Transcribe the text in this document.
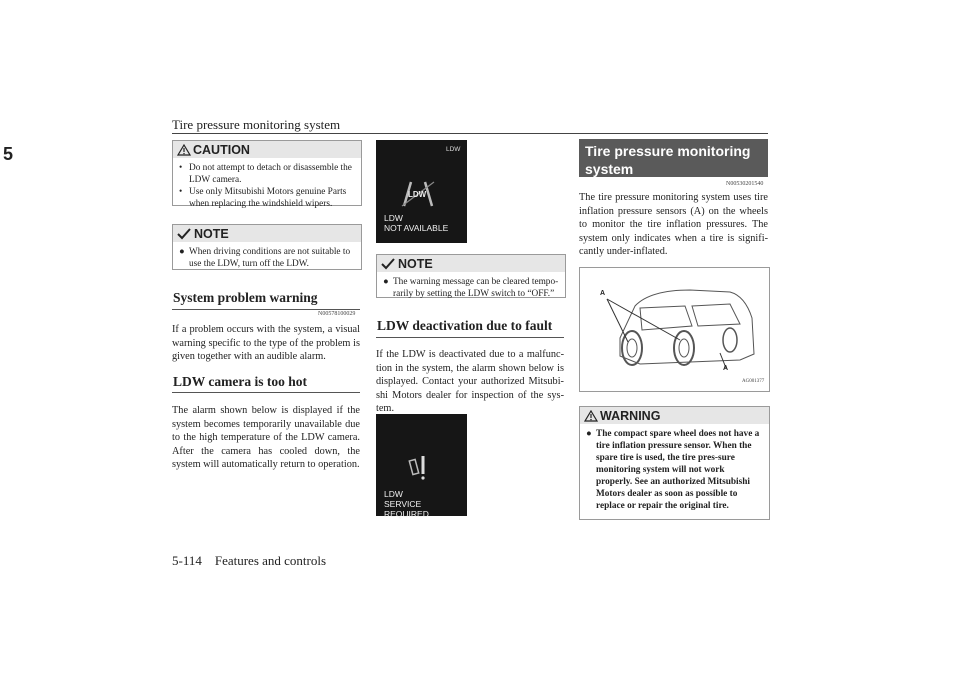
Tire pressure monitoring system
5	CAUTION
• Do not attempt to detach or disassemble the LDW camera.
• Use only Mitsubishi Motors genuine Parts when replacing the windshield wipers.
NOTE
● When driving conditions are not suitable to use the LDW, turn off the LDW.
System problem warning
N00578100029
If a problem occurs with the system, a visual warning specific to the type of the problem is given together with an audible alarm.
LDW camera is too hot
The alarm shown below is displayed if the system becomes temporarily unavailable due to the high temperature of the LDW camera. After the camera has cooled down, the system will automatically return to operation.
LDW
LDW
LDW
NOT AVAILABLE
NOTE
● The warning message can be cleared tempo-rarily by setting the LDW switch to “OFF.”
LDW deactivation due to fault
If the LDW is deactivated due to a malfunc-tion in the system, the alarm shown below is displayed. Contact your authorized Mitsubi-shi Motors dealer for inspection of the sys-tem.
LDW
SERVICE REQUIRED
Tire pressure monitoring system
N00530201540
The tire pressure monitoring system uses tire inflation pressure sensors (A) on the wheels to monitor the tire inflation pressures. The system only indicates when a tire is signifi-cantly under-inflated.
A
A
AG001377
WARNING
● The compact spare wheel does not have a tire inflation pressure sensor. When the spare tire is used, the tire pres-sure monitoring system will not work properly. See an authorized Mitsubishi Motors dealer as soon as possible to replace or repair the original tire.
5-114    Features and controls
